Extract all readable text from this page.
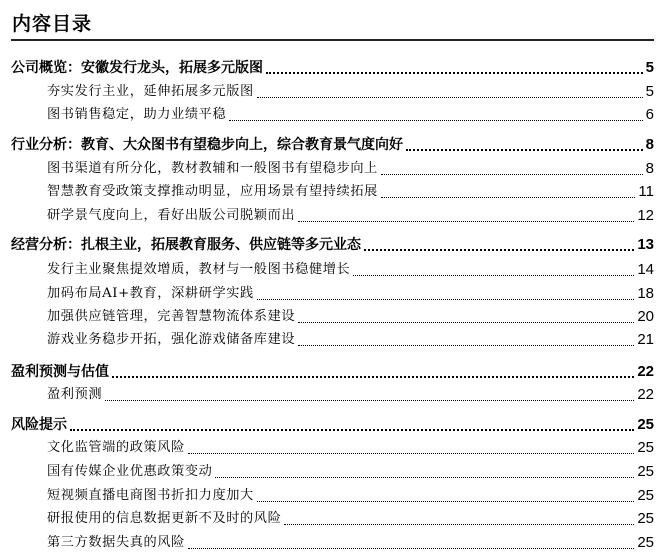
内容目录
公司概览：安徽发行龙头，拓展多元版图	5
夯实发行主业，延伸拓展多元版图	5
图书销售稳定，助力业绩平稳	6
行业分析：教育、大众图书有望稳步向上，综合教育景气度向好	8
图书渠道有所分化，教材教辅和一般图书有望稳步向上	8
智慧教育受政策支撑推动明显，应用场景有望持续拓展	11
研学景气度向上，看好出版公司脱颖而出	12
经营分析：扎根主业，拓展教育服务、供应链等多元业态	13
发行主业聚焦提效增质，教材与一般图书稳健增长	14
加码布局AI+教育，深耕研学实践	18
加强供应链管理，完善智慧物流体系建设	20
游戏业务稳步开拓，强化游戏储备库建设	21
盈利预测与估值	22
盈利预测	22
风险提示	25
文化监管端的政策风险	25
国有传媒企业优惠政策变动	25
短视频直播电商图书折扣力度加大	25
研报使用的信息数据更新不及时的风险	25
第三方数据失真的风险	25
